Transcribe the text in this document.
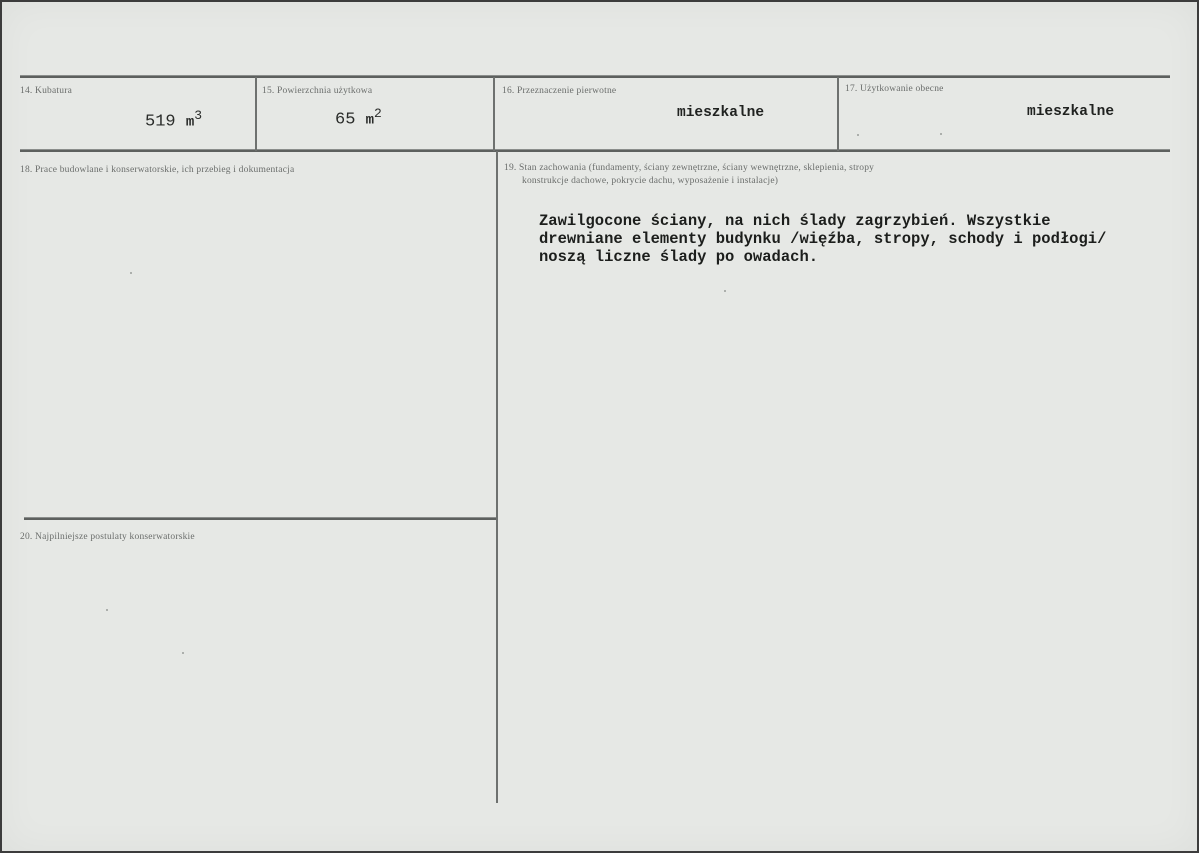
14. Kubatura
519 $m^3$
15. Powierzchnia użytkowa
65 $m^2$
16. Przeznaczenie pierwotne
mieszkalne
17. Użytkowanie obecne
mieszkalne
18. Prace budowlane i konserwatorskie, ich przebieg i dokumentacja	19. Stan zachowania (fundamenty, ściany zewnętrzne, ściany wewnętrzne, sklepienia, stropy
konstrukcje dachowe, pokrycie dachu, wyposażenie i instalacje)
Zawilgocone ściany, na nich ślady zagrzybień. Wszystkie
drewniane elementy budynku /więźba, stropy, schody i podłogi/
noszą liczne ślady po owadach.
20. Najpilniejsze postulaty konserwatorskie
